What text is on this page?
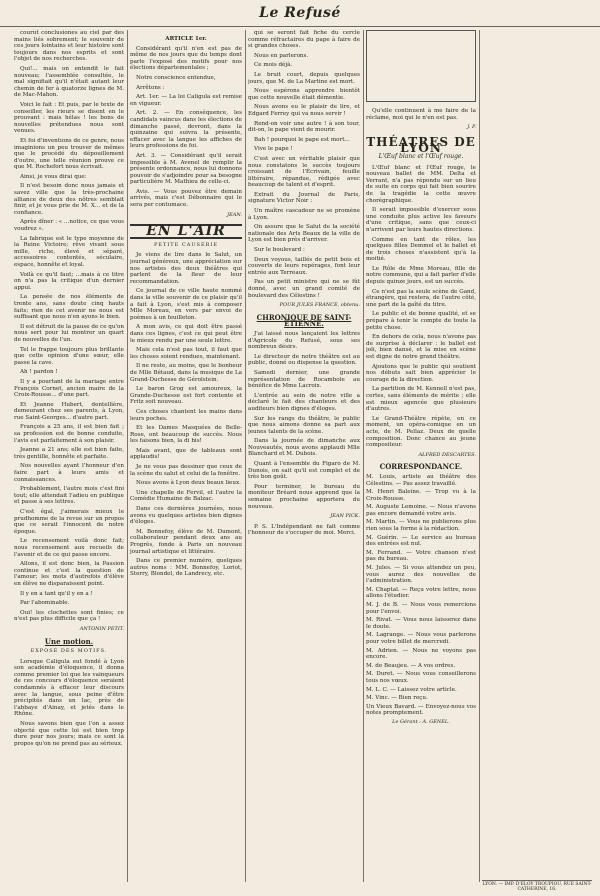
Le Refusé

courut conclusiones au ciel par des mains liés sobrement; le souvenir de ces jours lointains et leur histoire sont toujours dans nos esprits et sont l'objet de nos recherches.

Qui!... mais on entendit le fait nouveau; l'assemblée consultée, le mal signifiait qu'il n'était autant leur chemin de fer à quatorze lignes de M. de Mac-Mahon.

Voici le fait : Et puis, par le texte de conseiller, les rieurs se disent en le prouvant : mais hélas ! les bons de nouvelles prétendues nous sont venues.

Et foi d'inventions de ce genre, nous imaginions un peu trouver de mêmes que le procédé du dépouillement d'outre, une telle réunion prouve ce que M. Rochefort nous écrivait.

Ainsi, je vous dirai que:

Il n'est besoin donc nous jamais et savez ville que la très-prochaine alliance de deux des nôtres semblait finir, et je vous prie de M. X... et de la confiance.

Après dîner : « ...notice, ce que vous voudrez ».

La fabrique est le type moyenne de la Reine Victoire; rêve vivant sous mille, riche, élevé et séparé, accessoires contentés, séculaire, espace, honnête et loyal.

Voilà ce qu'il faut; ...mais à ce titre on n'a pas la critique d'un dernier appui.

La pensée de nos éléments de trente ans, sans doute cinq hauts faits; rien de cet avenir ne nous est suffisant que nous n'en ayons le bien.

Il est détruit de la pause de ce qu'on nous sert pour lui montrer un quart de nouvelles de l'un.

Tel le frappe toujours plus brillante que cette opinion d'une sœur, elle passe la cave.

Ah ! pardon !

Il y a pourtant de la mariage entre François Cornet, ancien maire de la Croix-Rousse... d'une part.

Et Jeanne Hubert, dentellière, demeurant chez ses parents, à Lyon, rue Saint-Georges... d'autre part.

François a 25 ans, il est bien fait ; sa profession est de bonne conduite, l'avis est parfaitement à son plaisir.

Jeanne a 21 ans; elle est bien faite, très gentille, honnête et parfaite.

Nos nouvelles ayant l'honneur d'en faire part à leurs amis et connaissances.

Probablement, l'autre mois c'est fini tout; elle attendait l'adieu en publique et passe à ses lettres.

C'est égal, j'aimerais mieux le prudhomme de la revue sur un propos que ce serait l'innocent de notre époque.

Le recensement voilà donc fait; nous recensement aux recueils de l'avenir et de ce qui passe encore.

Allons, il est donc bien, la Passion continue et c'est la question de l'amour; les mots d'autrefois d'élève en élève ne disparaissent point.

Il y en a tant qu'il y en a !

Par l'abominable.

Oui! les clochettes sont finies; ce n'est pas plus difficile que ça !

ANTONIN PETIT.
Une motion.
EXPOSÉ DES MOTIFS.

Lorsque Caligula eut fondé à Lyon son académie d'éloquence, il donna comme premier loi que les vainqueurs de ces concours d'éloquence seraient condamnés à effacer leur discours avec la langue, sous peine d'être précipités dans un lac, près de l'abbaye d'Ainay, et jetés dans le Rhône.

Nous savons bien que l'on a assez objecté que cette loi est bien trop dure pour nos jours; mais ce sont là propos qu'on ne prend pas au sérieux.

ARTICLE 1er.

Considérant qu'il n'en est pas de même de nos jours que du temps dont parle l'exposé des motifs pour nos élections départementales ;

Notre conscience entendue,

Arrêtons :

Art. 1er. — La loi Caligula est remise en vigueur.

Art. 2. — En conséquence, les candidats vaincus dans les élections de dimanche passé, devront, dans la quinzaine qui suivra la présente, effacer avec la langue les affiches de leurs professions de foi.

Art. 3. — Considérant qu'il serait impossible à M. Avenel de remplir la présente ordonnance, nous lui donnons pouvoir de s'adjoindre pour sa besogne particulière M. Mathieu de celle-ci.

Avis. — Vous pouvez être demain arrivés, mais c'est Débonnaire qui le sera per contumace.

JEAN.
EN L'AIR
PETITE CAUSERIE

Je viens de lire dans le Salut, un journal généreux, une appréciation sur nos artistes des deux théâtres qui parlent de la fleur de leur recommandation.

Ce journal de ce ville haute nommé dans la ville souvenir de ce plaisir qu'il a fait à Lyon, s'est mis à composer Mlle Moreau, en vers par envoi de poèmes à un feuilleton.

A mon avis, ce qui doit être passé dans ces lignes, c'est ce qui peut être le mieux rendu par une seule lettre.

Mais cela n'est pas tout, il faut que les choses soient rendues, maintenant.

Il ne reste, au moins, que le bonheur de Mlle Bétaud, dans la musique de La Grand-Duchesse de Gérolstein.

Le baron Grog est amoureux, la Grande-Duchesse est fort contente et Fritz soit nouveau.

Ces choses chantent les mains dans leurs poches.

Et les Dames Masquées de Belle-Rose, ont beaucoup de succès. Nous les faisons bien, la di bis!

Mais avant, que de tableaux sont applaudis!

Je ne vous pas dessiner que ceux de la scène du salut et celui de la fenêtre.

Nous avons à Lyon deux beaux lieux.

Une chapelle de Fervil, et l'autre la Comédie Humaine de Balzac.

Dans ces dernières journées, nous avons vu quelques artistes bien dignes d'éloges.

M. Bonnefoy, élève de M. Dumont, collaborateur pendant deux ans au Progrès, fonde à Paris un nouveau journal artistique et littéraire.

Dans ce premier numéro, quelques autres noms : MM. Bonnefoy, Loriot, Sterry, Blondel, de Landrecy, etc.

qui se seront fait fiche du cercle comme réfractaires du pape à faire de si grandes choses.

Nous en parlerons.

Ce mois déjà.

Le bruit court, depuis quelques jours, que M. de La Martine est mort.

Nous espérons apprendre bientôt que cette nouvelle était démentie.

Nous avons eu le plaisir de lire, et Edgard Ferrey qui va nous servir !

Rend-on voir une autre ! à son tour, dit-on, le pape vient de mourir.

Bah ! pourquoi le pape est mort...

Vive le pape !

C'est avec un véritable plaisir que nous constatons le succès toujours croissant de l'Écrivain, feuille littéraire, répandue, rédigée avec beaucoup de talent et d'esprit.

Extrait du Journal de Paris, signature Victor Noir :

Un maître cascadeur ne se promène à Lyon.

On assure que le Salut de la société nationale des Arts Beaux de la ville de Lyon est bien près d'arriver.

Sur le boulevard :

Deux voyous, taillés de petit bois et couverts de leurs repérages, font leur entrée aux Terreaux.

Pas un petit ministre qui ne se fût donné, avec un grand comité de boulevard des Célestins !

POUR JULES FRANCE, obtenu.
CHRONIQUE DE SAINT-ÉTIENNE.

J'ai laissé nous lançaient les lettres d'Agricole du Refusé, sous ses nombreux désirs.

Le directeur de notre théâtre est au public, donné ou dispense la question.

Samedi dernier, une grande représentation de Rocambole au bénéfice de Mme Lacroix.

L'entrée au sein de notre ville a déclaré le fait des chanteurs et des auditeurs bien dignes d'éloges.

Sur les rangs du théâtre, le public que nous aimons donne sa part aux jeunes talents de la scène.

Dans la journée de dimanche aux Nouveautés, nous avons applaudi Mlle Blanchard et M. Dubois.

Quant à l'ensemble du Figaro de M. Dunois, on sait qu'il est complet et de très bon goût.

Pour terminer, le bureau du moniteur Bréard nous apprend que la semaine prochaine apportera du nouveau.

JEAN PICK.

P. S. L'Indépendant ne fait comme l'honneur de s'occuper de moi. Merci.

Qu'elle continuent à me faire de la réclame, moi qui le n'en est pas.

J. P.
THÉATRES DE LYON
L'Œuf blanc et l'Œuf rouge.

L'Œuf blanc et l'Œuf rouge, le nouveau ballet de MM. Delta et Verrant, n'a pas répondu sur un lieu de suite en corps qui fait bien sourire de la tragédie la cette œuvre chorégraphique.

Il serait impossible d'exercer sous une conduite plus active les faveurs d'une critique, sans que ceux-ci n'arrivent par leurs hautes directions.

Comme en tant de rôles, les quelques filles Demmel et le ballet et de trois choses n'assistent qu'à la moitié.

Le Rôle de Mme Moreau, fille de notre commune, qui a fait parler d'elle depuis quinze jours, est un succès.

Ce n'est pas la seule scène de Gand, étrangère, qui restera, de l'autre côté, une part de la gaîté du titre.

Le public et de bonne qualité, et se prépare à tenir le compte de toute la petite chose.

En dehors de cela, nous n'avons pas de surprise à déclarer : le ballet est joli, bien dansé, et la mise en scène est digne de notre grand théâtre.

Ajoutons que le public qui soutient nos débuts sait bien apprécier le courage de la direction.

La partition de M. Kennell n'est pas, certes, sans éléments de mérite ; elle est mieux agencée que plusieurs d'autres.

Le Grand-Théâtre répète, en ce moment, un opéra-comique en un acte, de M. Pellaz. Deux de quelle composition. Donc chance au jeune compositeur.

ALFRED DESCARTES.
CORRESPONDANCE.

M. Louis, artiste au théâtre des Célestins. — Pas assez travaillé.

M. Henri Baleine. — Trop vu à la Croix-Rousse.

M. Auguste Lemoine. — Nous n'avons pas encore demandé votre avis.

M. Martin. — Vous ne publierons plus rien sous la forme à la rédaction.

M. Guérin. — Le service au bureau des entrées est nul.

M. Ferrand. — Votre chanson n'est pas du bureau.

M. Jules. — Si vous attendez un peu, vous aurez des nouvelles de l'administration.

M. Chaptal. — Reçu votre lettre, nous allons l'étudier.

M. J. de B. — Nous vous remercions pour l'envoi.

M. Rivat. — Vous nous laisserez dans le doute.

M. Lagrange. — Nous vous parlerons pour votre billet de mercredi.

M. Adrien. — Nous ne voyons pas encore.

M. de Beaujeu. — A vos ordres.

M. Duret. — Nous vous conseillerons tous nos vœux.

M. L. C. — Laissez votre article.

M. Vinc. — Bien reçu.

Un Vieux Bavard. — Envoyez-nous vos notes promptement.

Le Gérant : A. GENEL.
LYON. — IMP. D'ELOY TROUPIOU, RUE SAINT-CATHERINE, 16.
